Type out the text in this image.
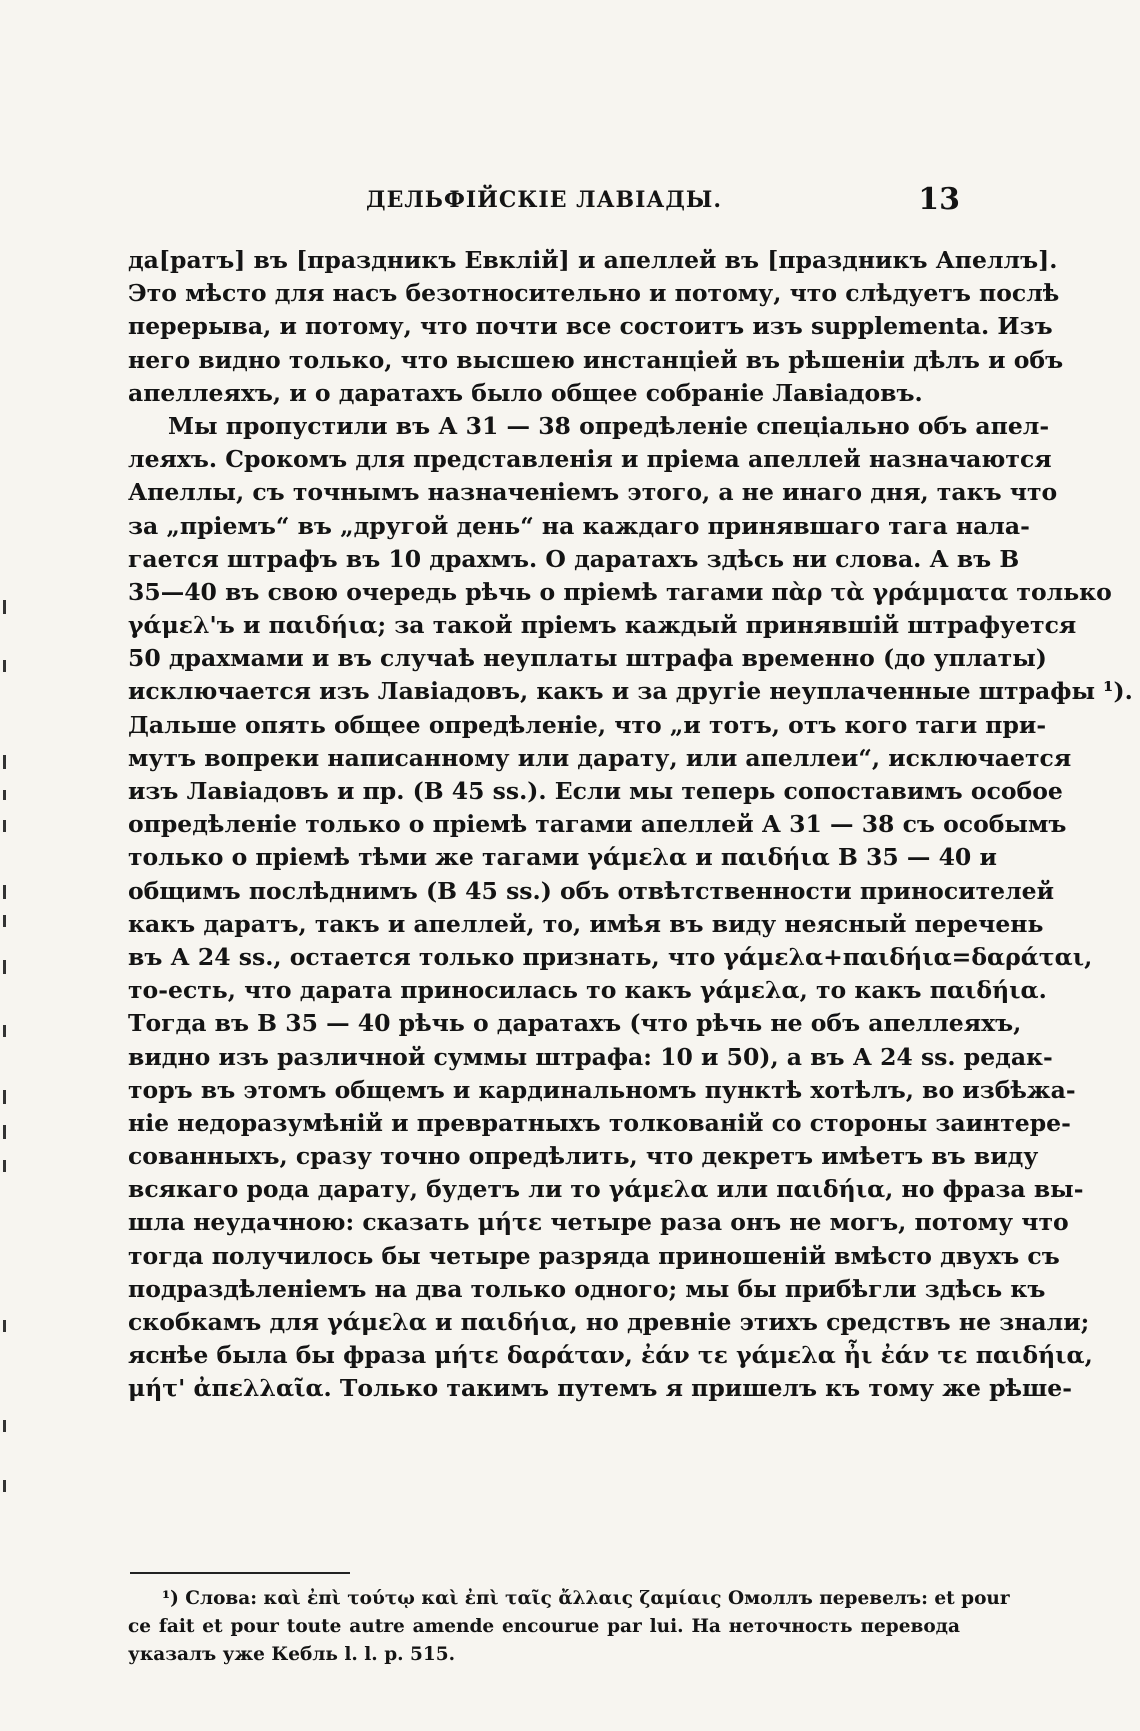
ДЕЛЬФІЙСКІЕ ЛАВІАДЫ.	13
да[ратъ] въ [праздникъ Евклій] и апеллей въ [праздникъ Апеллъ].
Это мѣсто для насъ безотносительно и потому, что слѣдуетъ послѣ
перерыва, и потому, что почти все состоитъ изъ supplementa. Изъ
него видно только, что высшею инстанціей въ рѣшеніи дѣлъ и объ
апеллеяхъ, и о даратахъ было общее собраніе Лавіадовъ.
Мы пропустили въ А 31 — 38 опредѣленіе спеціально объ апел-
леяхъ. Срокомъ для представленія и пріема апеллей назначаются
Апеллы, съ точнымъ назначеніемъ этого, а не инаго дня, такъ что
за „пріемъ“ въ „другой день“ на каждаго принявшаго тага нала-
гается штрафъ въ 10 драхмъ. О даратахъ здѣсь ни слова. А въ В
35—40 въ свою очередь рѣчь о пріемѣ тагами πὰρ τὰ γράμματα только
γάμελ'ъ и παιδήια; за такой пріемъ каждый принявшій штрафуется
50 драхмами и въ случаѣ неуплаты штрафа временно (до уплаты)
исключается изъ Лавіадовъ, какъ и за другіе неуплаченные штрафы ¹).
Дальше опять общее опредѣленіе, что „и тотъ, отъ кого таги при-
мутъ вопреки написанному или дарату, или апеллеи“, исключается
изъ Лавіадовъ и пр. (В 45 ss.). Если мы теперь сопоставимъ особое
опредѣленіе только о пріемѣ тагами апеллей А 31 — 38 съ особымъ
только о пріемѣ тѣми же тагами γάμελα и παιδήια В 35 — 40 и
общимъ послѣднимъ (В 45 ss.) объ отвѣтственности приносителей
какъ даратъ, такъ и апеллей, то, имѣя въ виду неясный перечень
въ А 24 ss., остается только признать, что γάμελα+παιδήια=δαράται,
то-есть, что дарата приносилась то какъ γάμελα, то какъ παιδήια.
Тогда въ В 35 — 40 рѣчь о даратахъ (что рѣчь не объ апеллеяхъ,
видно изъ различной суммы штрафа: 10 и 50), а въ А 24 ss. редак-
торъ въ этомъ общемъ и кардинальномъ пунктѣ хотѣлъ, во избѣжа-
ніе недоразумѣній и превратныхъ толкованій со стороны заинтере-
сованныхъ, сразу точно опредѣлить, что декретъ имѣетъ въ виду
всякаго рода дарату, будетъ ли то γάμελα или παιδήια, но фраза вы-
шла неудачною: сказать μήτε четыре раза онъ не могъ, потому что
тогда получилось бы четыре разряда приношеній вмѣсто двухъ съ
подраздѣленіемъ на два только одного; мы бы прибѣгли здѣсь къ
скобкамъ для γάμελα и παιδήια, но древніе этихъ средствъ не знали;
яснѣе была бы фраза μήτε δαράταν, ἐάν τε γάμελα ἦι ἐάν τε παιδήια,
μήτ' ἀπελλαῖα. Только такимъ путемъ я пришелъ къ тому же рѣше-
¹) Слова: καὶ ἐπὶ τούτῳ καὶ ἐπὶ ταῖς ἄλλαις ζαμίαις Омоллъ перевелъ: et pour
ce fait et pour toute autre amende encourue par lui. На неточность перевода
указалъ уже Кебль l. l. p. 515.
